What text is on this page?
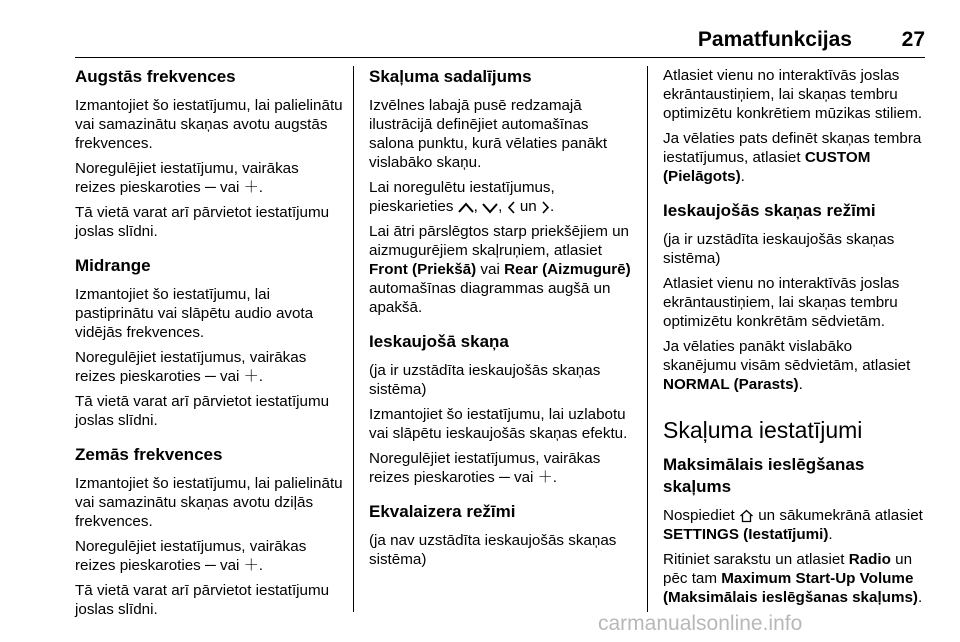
Pamatfunkcijas 27
Augstās frekvences

Izmantojiet šo iestatījumu, lai palielinātu vai samazinātu skaņas avotu augstās frekvences.

Noregulējiet iestatījumu, vairākas reizes pieskaroties ─ vai ＋.

Tā vietā varat arī pārvietot iestatījumu joslas slīdni.

Midrange

Izmantojiet šo iestatījumu, lai pastiprinātu vai slāpētu audio avota vidējās frekvences.

Noregulējiet iestatījumus, vairākas reizes pieskaroties ─ vai ＋.

Tā vietā varat arī pārvietot iestatījumu joslas slīdni.

Zemās frekvences

Izmantojiet šo iestatījumu, lai palielinātu vai samazinātu skaņas avotu dziļās frekvences.

Noregulējiet iestatījumus, vairākas reizes pieskaroties ─ vai ＋.

Tā vietā varat arī pārvietot iestatījumu joslas slīdni.

Skaļuma sadalījums

Izvēlnes labajā pusē redzamajā ilustrācijā definējiet automašīnas salona punktu, kurā vēlaties panākt vislabāko skaņu.

Lai noregulētu iestatījumus, pieskarieties , , un .

Lai ātri pārslēgtos starp priekšējiem un aizmugurējiem skaļruņiem, atlasiet Front (Priekšā) vai Rear (Aizmugurē) automašīnas diagrammas augšā un apakšā.

Ieskaujošā skaņa

(ja ir uzstādīta ieskaujošās skaņas sistēma)

Izmantojiet šo iestatījumu, lai uzlabotu vai slāpētu ieskaujošās skaņas efektu.

Noregulējiet iestatījumus, vairākas reizes pieskaroties ─ vai ＋.

Ekvalaizera režīmi

(ja nav uzstādīta ieskaujošās skaņas sistēma)

Atlasiet vienu no interaktīvās joslas ekrāntaustiņiem, lai skaņas tembru optimizētu konkrētiem mūzikas stiliem.

Ja vēlaties pats definēt skaņas tembra iestatījumus, atlasiet CUSTOM (Pielāgots).

Ieskaujošās skaņas režīmi

(ja ir uzstādīta ieskaujošās skaņas sistēma)

Atlasiet vienu no interaktīvās joslas ekrāntaustiņiem, lai skaņas tembru optimizētu konkrētām sēdvietām.

Ja vēlaties panākt vislabāko skanējumu visām sēdvietām, atlasiet NORMAL (Parasts).

Skaļuma iestatījumi
Maksimālais ieslēgšanas skaļums

Nospiediet un sākumekrānā atlasiet SETTINGS (Iestatījumi).

Ritiniet sarakstu un atlasiet Radio un pēc tam Maximum Start-Up Volume (Maksimālais ieslēgšanas skaļums).

carmanualsonline.info
